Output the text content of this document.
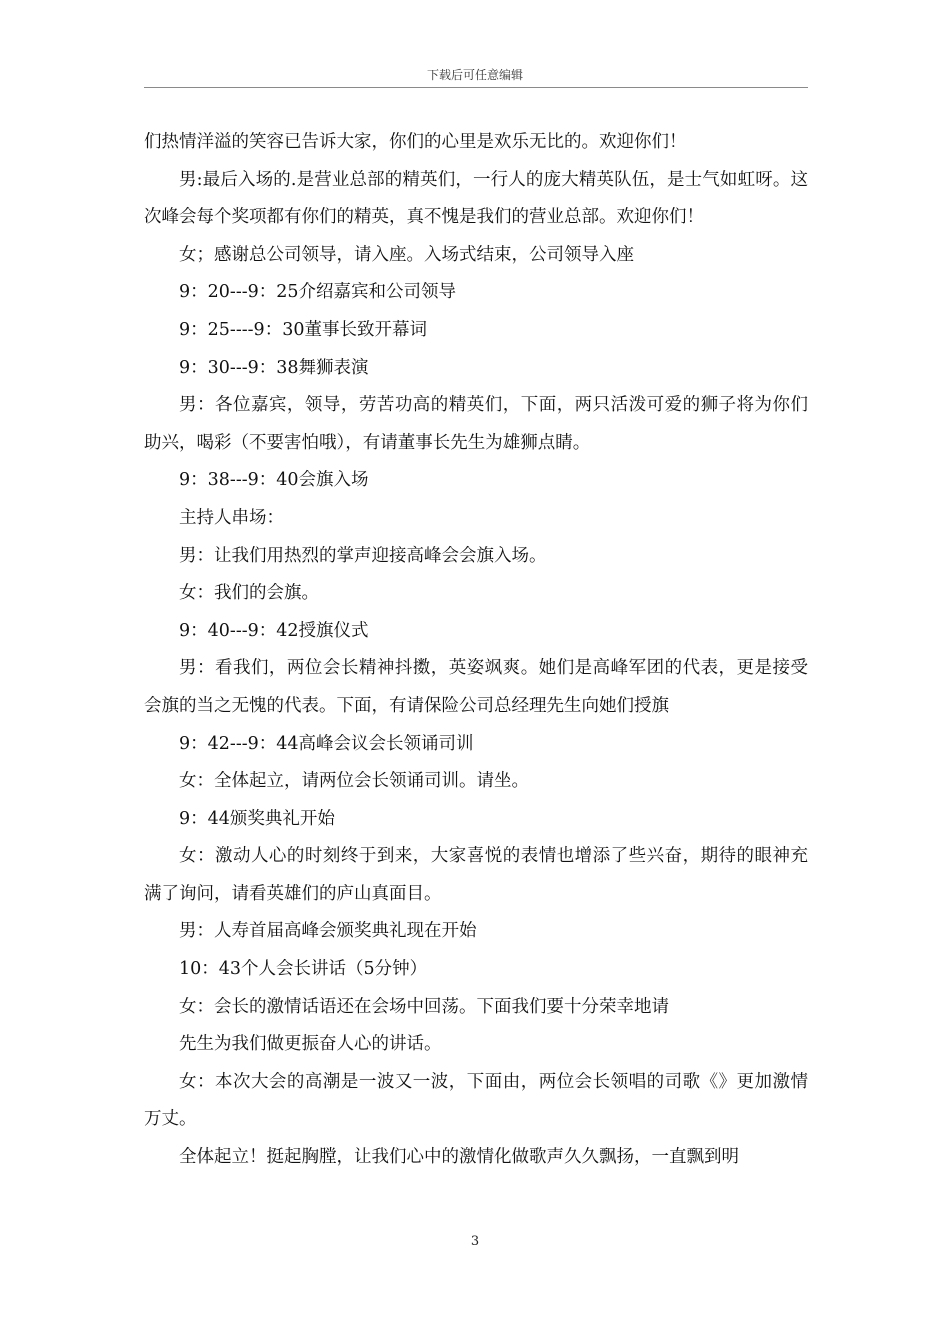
下载后可任意编辑

们热情洋溢的笑容已告诉大家，你们的心里是欢乐无比的。欢迎你们！

男:最后入场的.是营业总部的精英们，一行人的庞大精英队伍，是士气如虹呀。这次峰会每个奖项都有你们的精英，真不愧是我们的营业总部。欢迎你们！

女；感谢总公司领导，请入座。入场式结束，公司领导入座

9：20---9：25介绍嘉宾和公司领导

9：25----9：30董事长致开幕词

9：30---9：38舞狮表演

男：各位嘉宾，领导，劳苦功高的精英们，下面，两只活泼可爱的狮子将为你们助兴，喝彩（不要害怕哦），有请董事长先生为雄狮点睛。

9：38---9：40会旗入场

主持人串场：

男：让我们用热烈的掌声迎接高峰会会旗入场。

女：我们的会旗。

9：40---9：42授旗仪式

男：看我们，两位会长精神抖擞，英姿飒爽。她们是高峰军团的代表，更是接受会旗的当之无愧的代表。下面，有请保险公司总经理先生向她们授旗

9：42---9：44高峰会议会长领诵司训

女：全体起立，请两位会长领诵司训。请坐。

9：44颁奖典礼开始

女：激动人心的时刻终于到来，大家喜悦的表情也增添了些兴奋，期待的眼神充满了询问，请看英雄们的庐山真面目。

男：人寿首届高峰会颁奖典礼现在开始

10：43个人会长讲话（5分钟）

女：会长的激情话语还在会场中回荡。下面我们要十分荣幸地请

先生为我们做更振奋人心的讲话。

女：本次大会的高潮是一波又一波，下面由，两位会长领唱的司歌《》更加激情万丈。

全体起立！挺起胸膛，让我们心中的激情化做歌声久久飘扬，一直飘到明

3
